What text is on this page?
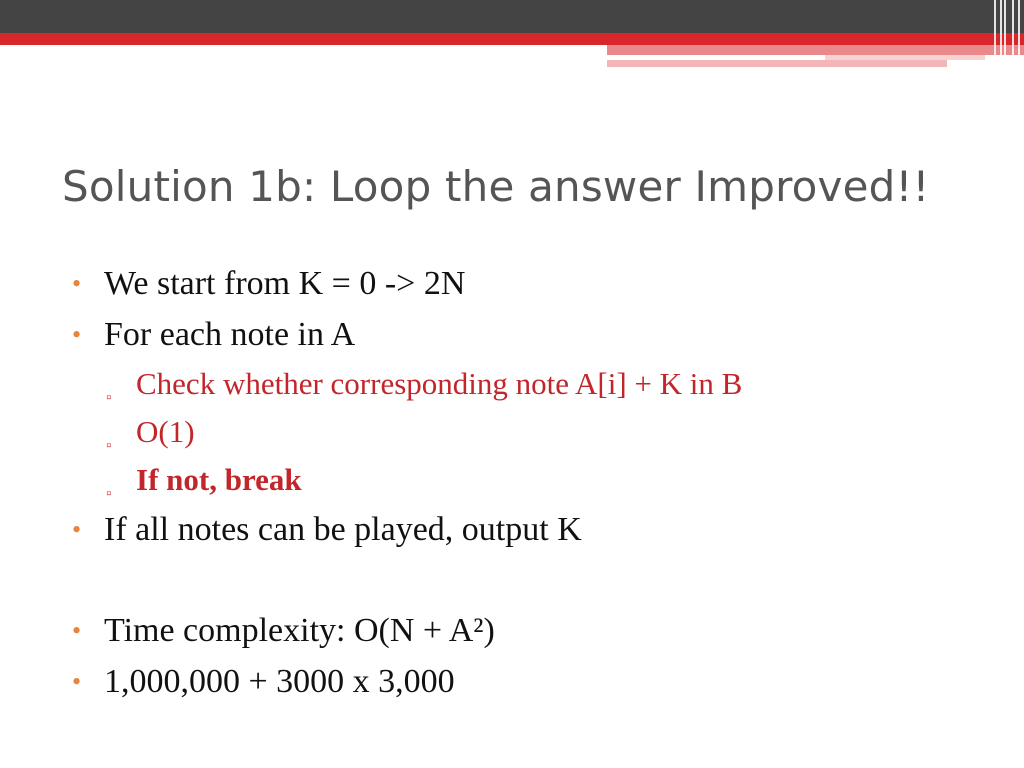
Solution 1b: Loop the answer Improved!!
• We start from K = 0 -> 2N
• For each note in A
▫ Check whether corresponding note A[i] + K in B
▫ O(1)
▫ If not, break
• If all notes can be played, output K
• Time complexity: O(N + A²)
• 1,000,000 + 3000 x 3,000
